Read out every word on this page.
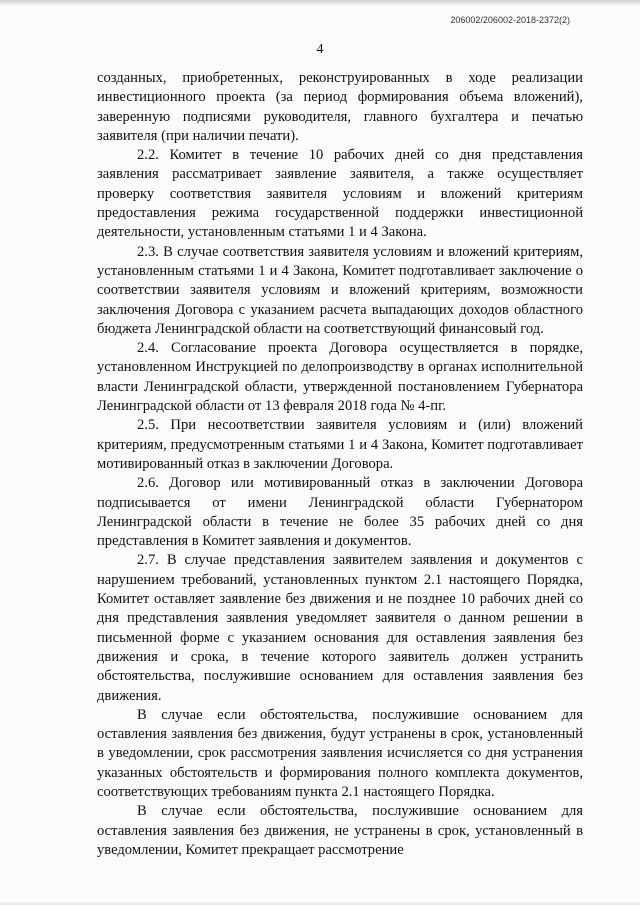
206002/206002-2018-2372(2)
4

созданных, приобретенных, реконструированных в ходе реализации инвестиционного проекта (за период формирования объема вложений), заверенную подписями руководителя, главного бухгалтера и печатью заявителя (при наличии печати).

2.2. Комитет в течение 10 рабочих дней со дня представления заявления рассматривает заявление заявителя, а также осуществляет проверку соответствия заявителя условиям и вложений критериям предоставления режима государственной поддержки инвестиционной деятельности, установленным статьями 1 и 4 Закона.

2.3. В случае соответствия заявителя условиям и вложений критериям, установленным статьями 1 и 4 Закона, Комитет подготавливает заключение о соответствии заявителя условиям и вложений критериям, возможности заключения Договора с указанием расчета выпадающих доходов областного бюджета Ленинградской области на соответствующий финансовый год.

2.4. Согласование проекта Договора осуществляется в порядке, установленном Инструкцией по делопроизводству в органах исполнительной власти Ленинградской области, утвержденной постановлением Губернатора Ленинградской области от 13 февраля 2018 года № 4-пг.

2.5. При несоответствии заявителя условиям и (или) вложений критериям, предусмотренным статьями 1 и 4 Закона, Комитет подготавливает мотивированный отказ в заключении Договора.

2.6. Договор или мотивированный отказ в заключении Договора подписывается от имени Ленинградской области Губернатором Ленинградской области в течение не более 35 рабочих дней со дня представления в Комитет заявления и документов.

2.7. В случае представления заявителем заявления и документов с нарушением требований, установленных пунктом 2.1 настоящего Порядка, Комитет оставляет заявление без движения и не позднее 10 рабочих дней со дня представления заявления уведомляет заявителя о данном решении в письменной форме с указанием основания для оставления заявления без движения и срока, в течение которого заявитель должен устранить обстоятельства, послужившие основанием для оставления заявления без движения.

В случае если обстоятельства, послужившие основанием для оставления заявления без движения, будут устранены в срок, установленный в уведомлении, срок рассмотрения заявления исчисляется со дня устранения указанных обстоятельств и формирования полного комплекта документов, соответствующих требованиям пункта 2.1 настоящего Порядка.

В случае если обстоятельства, послужившие основанием для оставления заявления без движения, не устранены в срок, установленный в уведомлении, Комитет прекращает рассмотрение
